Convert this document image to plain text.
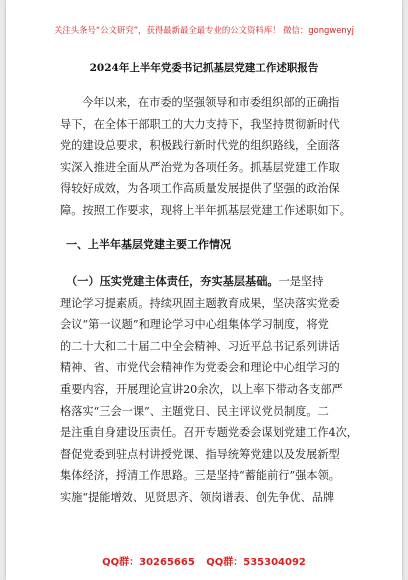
关注头条号“公文研究”，获得最新最全最专业的公文资料库！ 微信：gongwenyj
2024年上半年党委书记抓基层党建工作述职报告
今年以来，在市委的坚强领导和市委组织部的正确指
导下，在全体干部职工的大力支持下，我坚持贯彻新时代
党的建设总要求，积极践行新时代党的组织路线，全面落
实深入推进全面从严治党为各项任务。抓基层党建工作取
得较好成效，为各项工作高质量发展提供了坚强的政治保
障。按照工作要求，现将上半年抓基层党建工作述职如下。
一、上半年基层党建主要工作情况
（一）压实党建主体责任，夯实基层基础。一是坚持
理论学习提素质。持续巩固主题教育成果，坚决落实党委
会议“第一议题”和理论学习中心组集体学习制度，将党
的二十大和二十届二中全会精神、习近平总书记系列讲话
精神、省、市党代会精神作为党委会和理论中心组学习的
重要内容，开展理论宣讲20余次，以上率下带动各支部严
格落实“三会一课”、主题党日、民主评议党员制度。二
是注重自身建设压责任。召开专题党委会谋划党建工作4次，
督促党委到驻点村讲授党课、指导统筹党建以及发展新型
集体经济，捋清工作思路。三是坚持“蓄能前行”强本领。
实施“提能增效、见贤思齐、领岗谱表、创先争优、品牌
QQ群：30265665 QQ群：535304092
